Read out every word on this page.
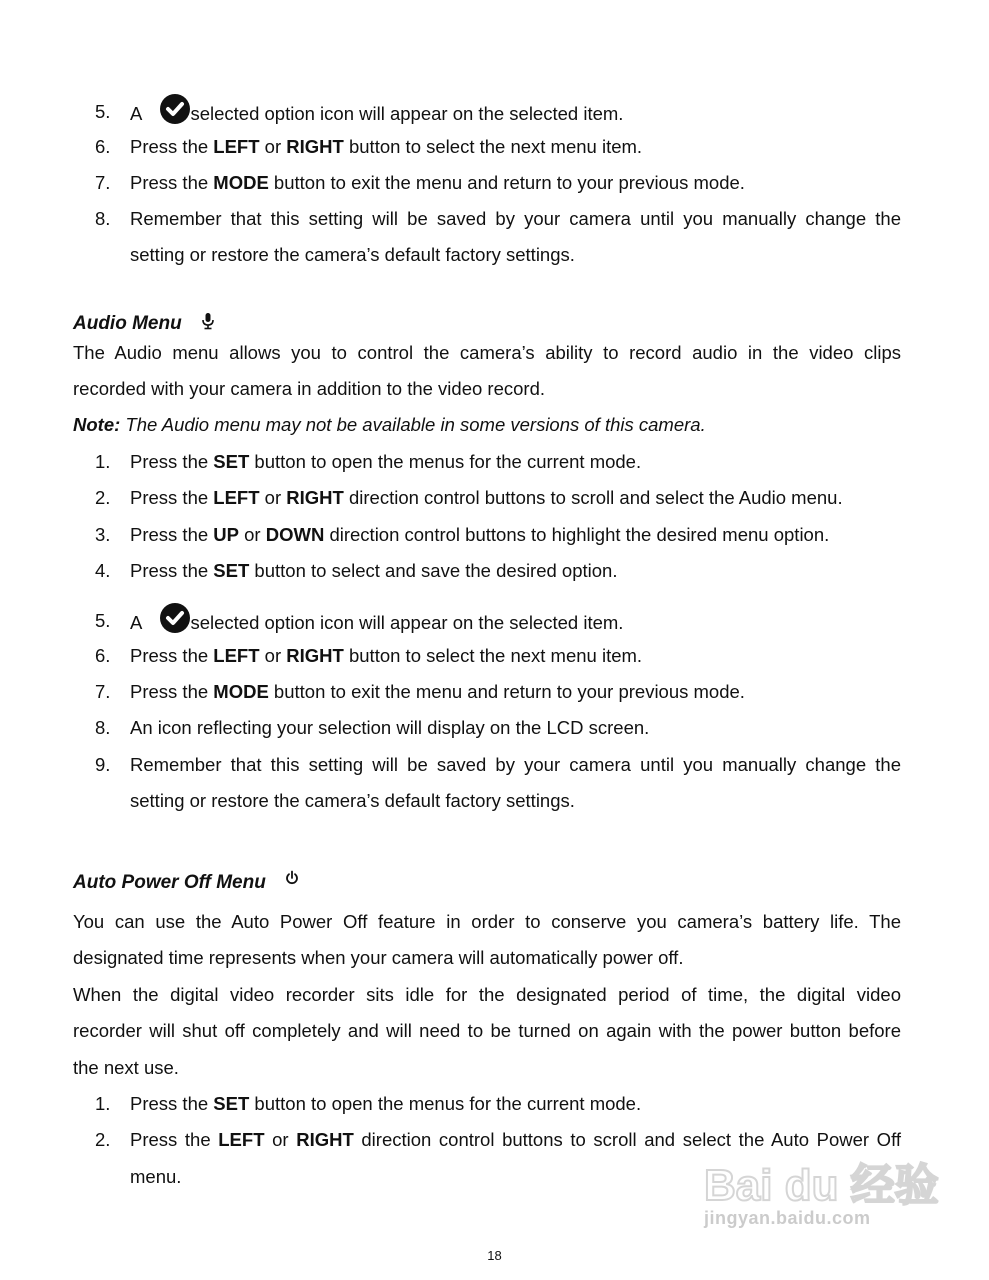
5.	A
selected option icon will appear on the selected item.
6.	Press the LEFT or RIGHT button to select the next menu item.
7.	Press the MODE button to exit the menu and return to your previous mode.
8.	Remember that this setting will be saved by your camera until you manually change the
setting or restore the camera’s default factory settings.
Audio Menu
The Audio menu allows you to control the camera’s ability to record audio in the video clips
recorded with your camera in addition to the video record.
Note: The Audio menu may not be available in some versions of this camera.
1.	Press the SET button to open the menus for the current mode.
2.	Press the LEFT or RIGHT direction control buttons to scroll and select the Audio menu.
3.	Press the UP or DOWN direction control buttons to highlight the desired menu option.
4.	Press the SET button to select and save the desired option.
5.	A
selected option icon will appear on the selected item.
6.	Press the LEFT or RIGHT button to select the next menu item.
7.	Press the MODE button to exit the menu and return to your previous mode.
8.	An icon reflecting your selection will display on the LCD screen.
9.	Remember that this setting will be saved by your camera until you manually change the
setting or restore the camera’s default factory settings.
Auto Power Off Menu
You can use the Auto Power Off feature in order to conserve you camera’s battery life. The
designated time represents when your camera will automatically power off.
When the digital video recorder sits idle for the designated period of time, the digital video
recorder will shut off completely and will need to be turned on again with the power button before
the next use.
1.	Press the SET button to open the menus for the current mode.
2.	Press the LEFT or RIGHT direction control buttons to scroll and select the Auto Power Off
menu.	Bai du 经验
jingyan.baidu.com
18
